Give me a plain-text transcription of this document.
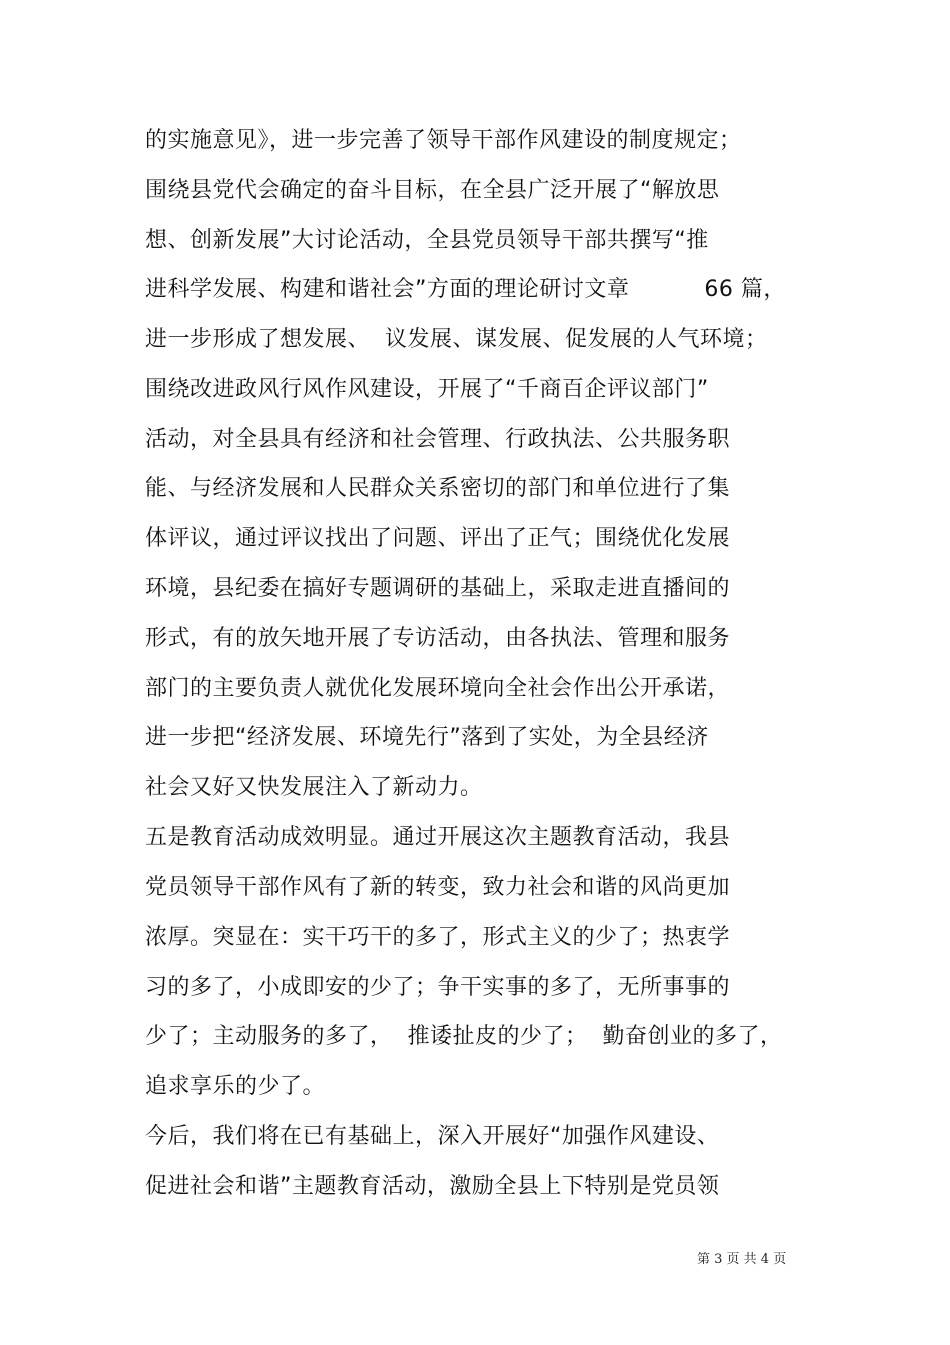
的实施意见》，进一步完善了领导干部作风建设的制度规定；
围绕县党代会确定的奋斗目标，在全县广泛开展了“解放思
想、创新发展”大讨论活动，全县党员领导干部共撰写“推
进科学发展、构建和谐社会”方面的理论研讨文章          66 篇，
进一步形成了想发展、  议发展、谋发展、促发展的人气环境；
围绕改进政风行风作风建设，开展了“千商百企评议部门”
活动，对全县具有经济和社会管理、行政执法、公共服务职
能、与经济发展和人民群众关系密切的部门和单位进行了集
体评议，通过评议找出了问题、评出了正气；围绕优化发展
环境，县纪委在搞好专题调研的基础上，采取走进直播间的
形式，有的放矢地开展了专访活动，由各执法、管理和服务
部门的主要负责人就优化发展环境向全社会作出公开承诺，
进一步把“经济发展、环境先行”落到了实处，为全县经济
社会又好又快发展注入了新动力。
五是教育活动成效明显。通过开展这次主题教育活动，我县
党员领导干部作风有了新的转变，致力社会和谐的风尚更加
浓厚。突显在：实干巧干的多了，形式主义的少了；热衷学
习的多了，小成即安的少了；争干实事的多了，无所事事的
少了；主动服务的多了，  推诿扯皮的少了；  勤奋创业的多了，
追求享乐的少了。
今后，我们将在已有基础上，深入开展好“加强作风建设、
促进社会和谐”主题教育活动，激励全县上下特别是党员领
第 3 页 共 4 页
